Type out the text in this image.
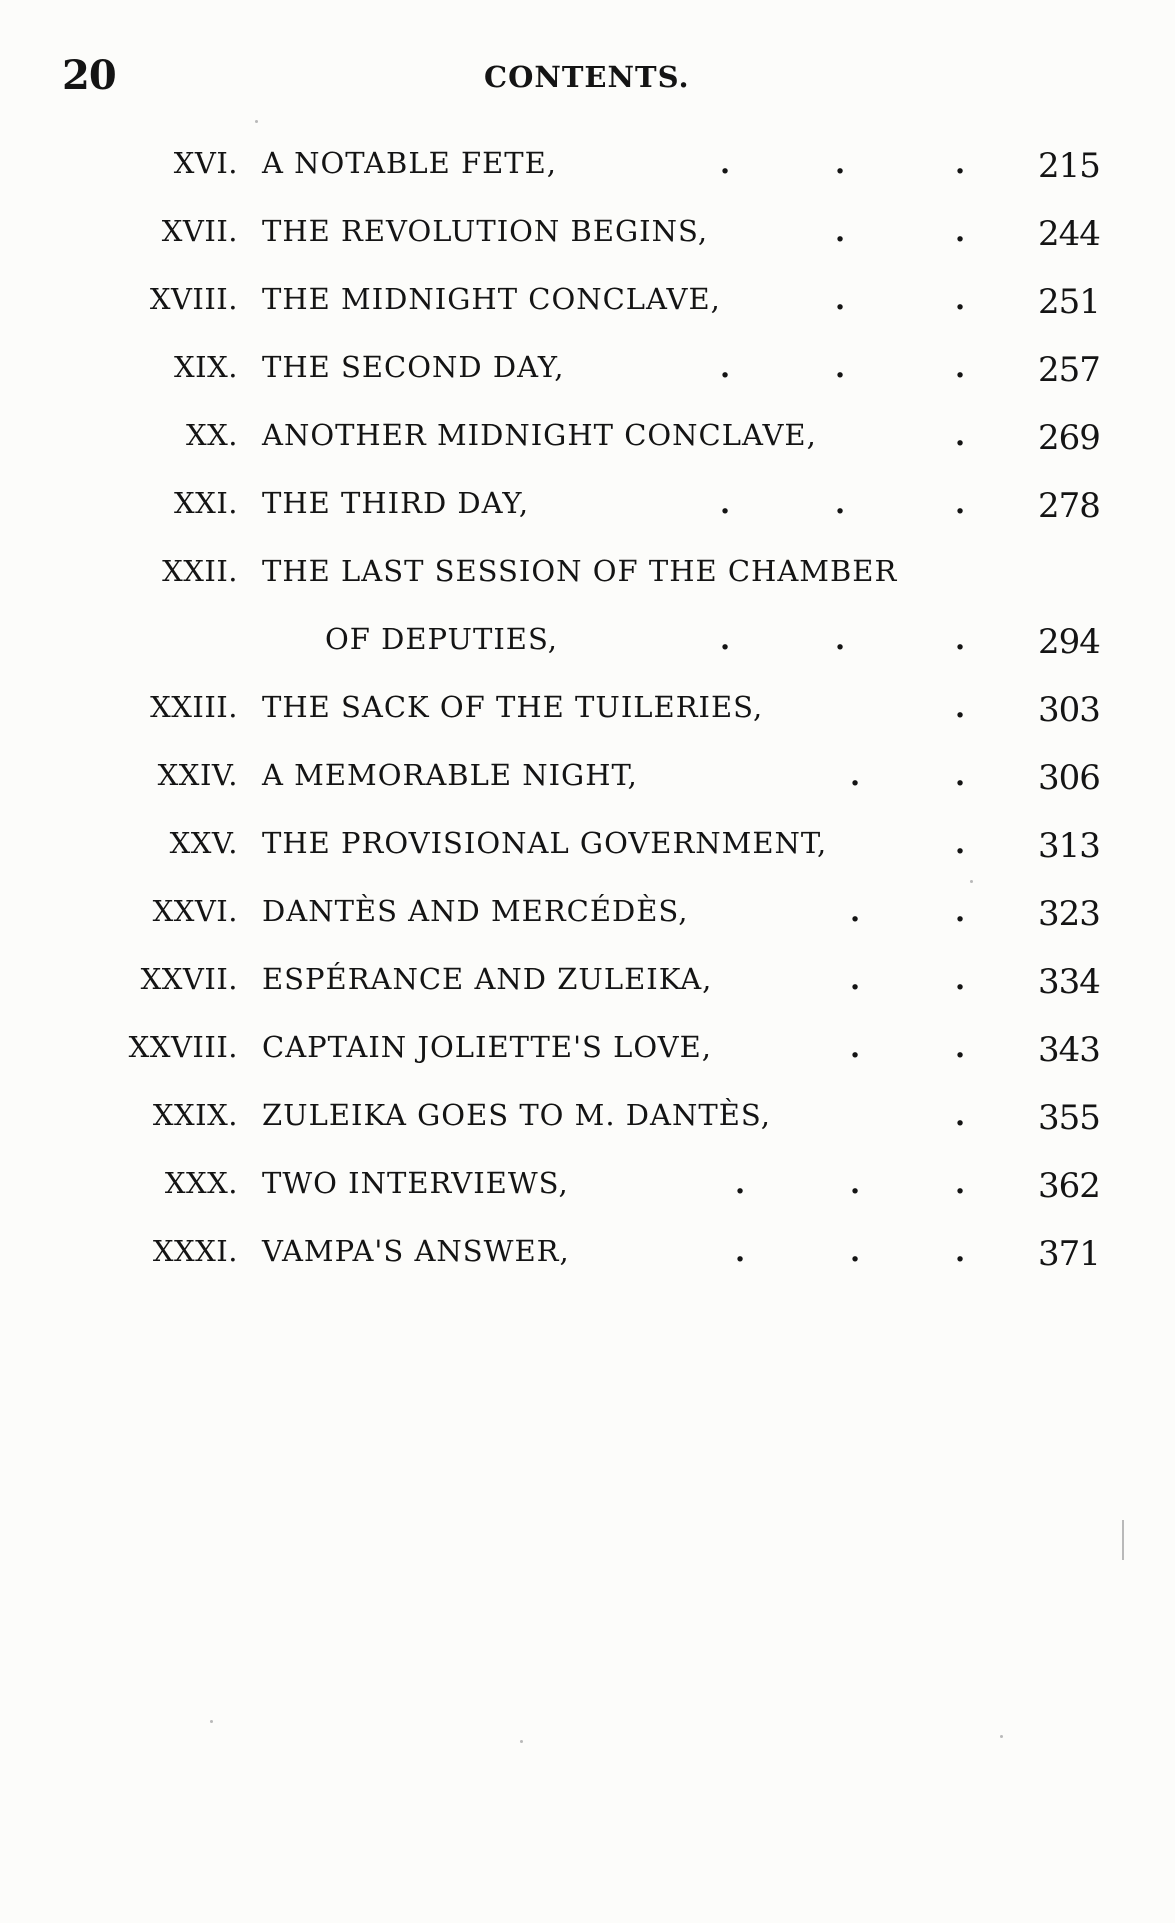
20	CONTENTS.
XVI. A NOTABLE FETE,	.	.	. 215
XVII. THE REVOLUTION BEGINS,	.	. 244
XVIII. THE MIDNIGHT CONCLAVE,	.	. 251
XIX. THE SECOND DAY,	.	.	. 257
XX. ANOTHER MIDNIGHT CONCLAVE,	. 269
XXI. THE THIRD DAY,	.	.	. 278
XXII. THE LAST SESSION OF THE CHAMBER
OF DEPUTIES,	.	.	. 294
XXIII. THE SACK OF THE TUILERIES,	. 303
XXIV. A MEMORABLE NIGHT,	.	. 306
XXV. THE PROVISIONAL GOVERNMENT,	. 313
XXVI. DANTÈS AND MERCÉDÈS,	.	. 323
XXVII. ESPÉRANCE AND ZULEIKA,	.	. 334
XXVIII. CAPTAIN JOLIETTE'S LOVE,	.	. 343
XXIX. ZULEIKA GOES TO M. DANTÈS,	. 355
XXX. TWO INTERVIEWS,	.	.	. 362
XXXI. VAMPA'S ANSWER,	.	.	. 371
